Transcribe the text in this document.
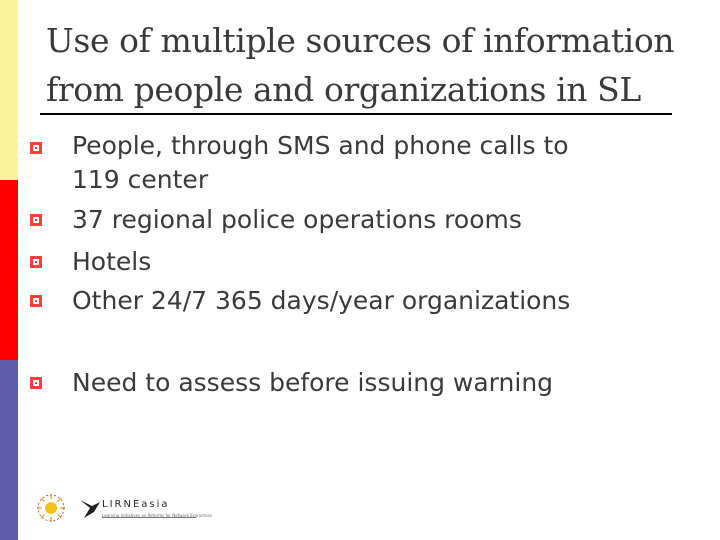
Use of multiple sources of information
from people and organizations in SL
People, through SMS and phone calls to
119 center
37 regional police operations rooms
Hotels
Other 24/7 365 days/year organizations
Need to assess before issuing warning
LIRNEasia
Learning Initiatives on Reforms for Network Economies
